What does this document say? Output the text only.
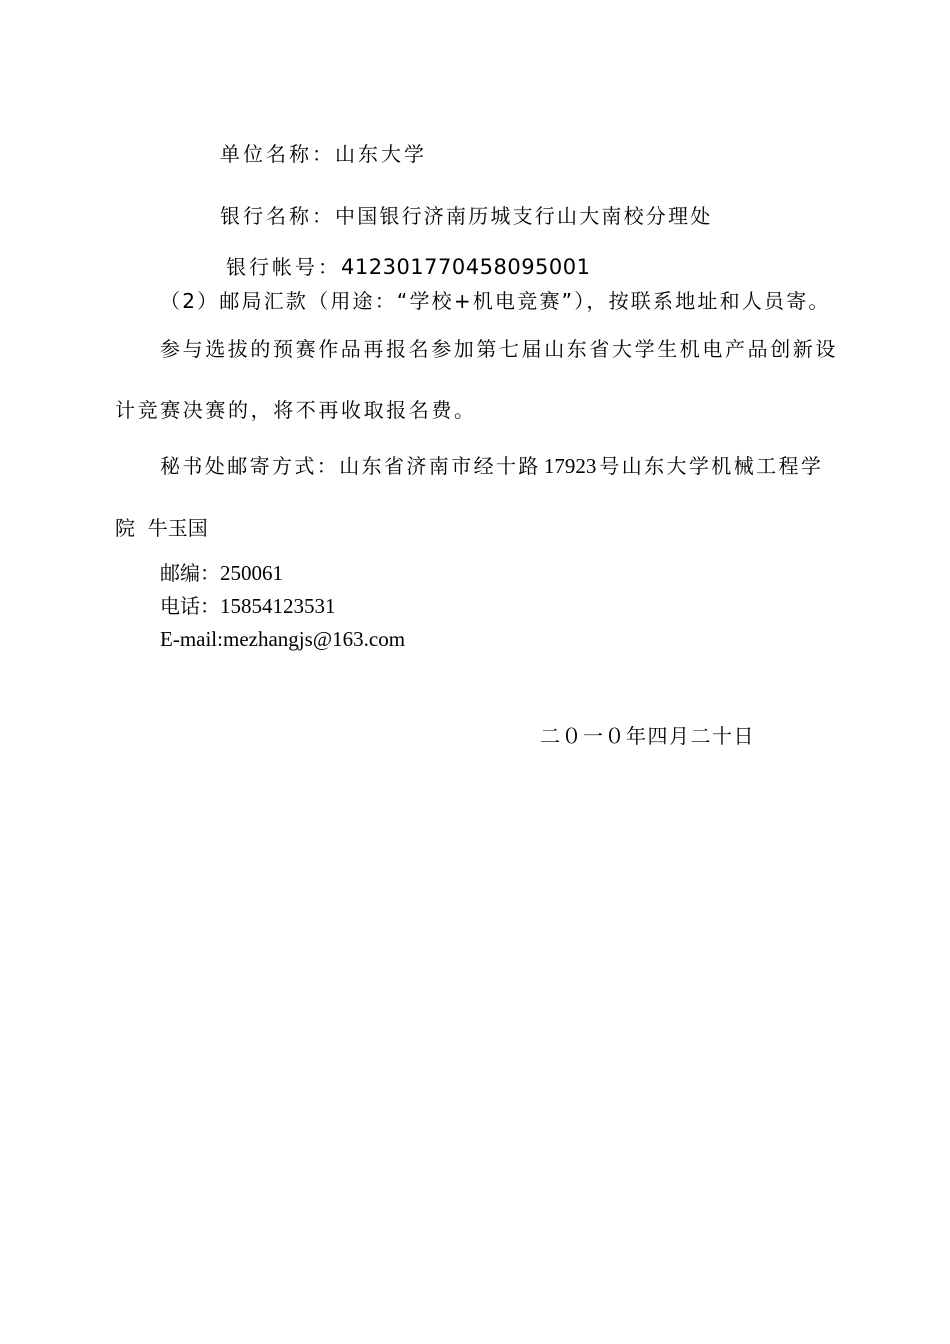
单位名称：山东大学
银行名称：中国银行济南历城支行山大南校分理处
银行帐号：412301770458095001
（2）邮局汇款（用途：“学校+机电竞赛”），按联系地址和人员寄。
参与选拔的预赛作品再报名参加第七届山东省大学生机电产品创新设
计竞赛决赛的，将不再收取报名费。
秘书处邮寄方式：山东省济南市经十路 17923 号山东大学机械工程学
院  牛玉国
邮编：250061
电话：15854123531
E-mail:mezhangjs@163.com
二０一０年四月二十日
